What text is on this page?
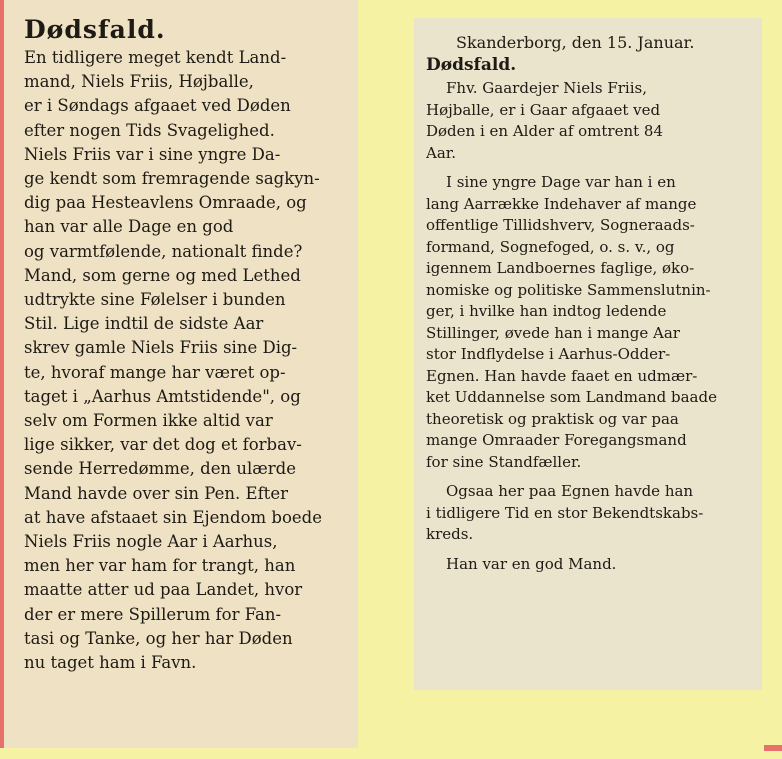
Dødsfald.
En tidligere meget kendt Land-
mand, Niels Friis, Højballe,
er i Søndags afgaaet ved Døden
efter nogen Tids Svagelighed.
Niels Friis var i sine yngre Da-
ge kendt som fremragende sagkyn-
dig paa Hesteavlens Omraade, og
han var alle Dage en god
og varmtfølende, nationalt finde?
Mand, som gerne og med Lethed
udtrykte sine Følelser i bunden
Stil. Lige indtil de sidste Aar
skrev gamle Niels Friis sine Dig-
te, hvoraf mange har været op-
taget i „Aarhus Amtstidende", og
selv om Formen ikke altid var
lige sikker, var det dog et forbav-
sende Herredømme, den ulærde
Mand havde over sin Pen. Efter
at have afstaaet sin Ejendom boede
Niels Friis nogle Aar i Aarhus,
men her var ham for trangt, han
maatte atter ud paa Landet, hvor
der er mere Spillerum for Fan-
tasi og Tanke, og her har Døden
nu taget ham i Favn.
Skanderborg, den 15. Januar.
Dødsfald.
Fhv. Gaardejer Niels Friis,
Højballe, er i Gaar afgaaet ved
Døden i en Alder af omtrent 84
Aar.
I sine yngre Dage var han i en
lang Aarrække Indehaver af mange
offentlige Tillidshverv, Sogneraads-
formand, Sognefoged, o. s. v., og
igennem Landboernes faglige, øko-
nomiske og politiske Sammenslutnin-
ger, i hvilke han indtog ledende
Stillinger, øvede han i mange Aar
stor Indflydelse i Aarhus-Odder-
Egnen. Han havde faaet en udmær-
ket Uddannelse som Landmand baade
theoretisk og praktisk og var paa
mange Omraader Foregangsmand
for sine Standfæller.
Ogsaa her paa Egnen havde han
i tidligere Tid en stor Bekendtskabs-
kreds.
Han var en god Mand.
